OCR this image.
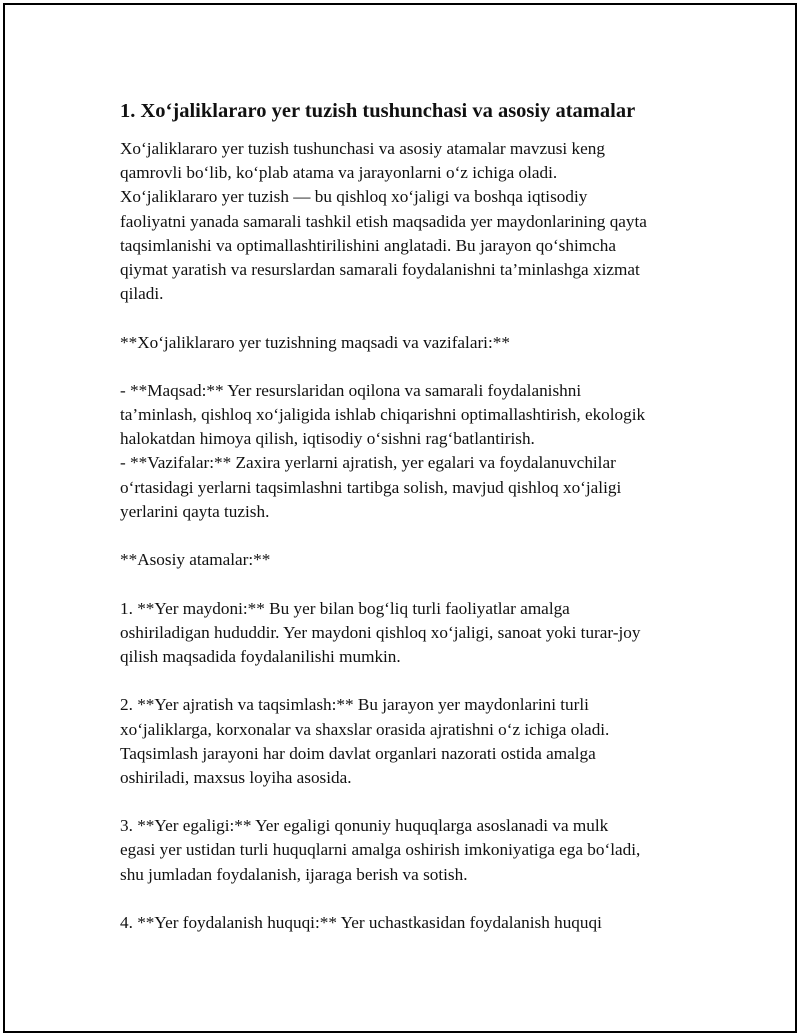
1. Xo‘jaliklararo yer tuzish tushunchasi va asosiy atamalar
Xo‘jaliklararo yer tuzish tushunchasi va asosiy atamalar mavzusi keng
qamrovli bo‘lib, ko‘plab atama va jarayonlarni o‘z ichiga oladi.
Xo‘jaliklararo yer tuzish — bu qishloq xo‘jaligi va boshqa iqtisodiy
faoliyatni yanada samarali tashkil etish maqsadida yer maydonlarining qayta
taqsimlanishi va optimallashtirilishini anglatadi. Bu jarayon qo‘shimcha
qiymat yaratish va resurslardan samarali foydalanishni ta’minlashga xizmat
qiladi.
**Xo‘jaliklararo yer tuzishning maqsadi va vazifalari:**
- **Maqsad:** Yer resurslaridan oqilona va samarali foydalanishni
ta’minlash, qishloq xo‘jaligida ishlab chiqarishni optimallashtirish, ekologik
halokatdan himoya qilish, iqtisodiy o‘sishni rag‘batlantirish.
- **Vazifalar:** Zaxira yerlarni ajratish, yer egalari va foydalanuvchilar
o‘rtasidagi yerlarni taqsimlashni tartibga solish, mavjud qishloq xo‘jaligi
yerlarini qayta tuzish.
**Asosiy atamalar:**
1. **Yer maydoni:** Bu yer bilan bog‘liq turli faoliyatlar amalga
oshiriladigan hududdir. Yer maydoni qishloq xo‘jaligi, sanoat yoki turar-joy
qilish maqsadida foydalanilishi mumkin.
2. **Yer ajratish va taqsimlash:** Bu jarayon yer maydonlarini turli
xo‘jaliklarga, korxonalar va shaxslar orasida ajratishni o‘z ichiga oladi.
Taqsimlash jarayoni har doim davlat organlari nazorati ostida amalga
oshiriladi, maxsus loyiha asosida.
3. **Yer egaligi:** Yer egaligi qonuniy huquqlarga asoslanadi va mulk
egasi yer ustidan turli huquqlarni amalga oshirish imkoniyatiga ega bo‘ladi,
shu jumladan foydalanish, ijaraga berish va sotish.
4. **Yer foydalanish huquqi:** Yer uchastkasidan foydalanish huquqi
